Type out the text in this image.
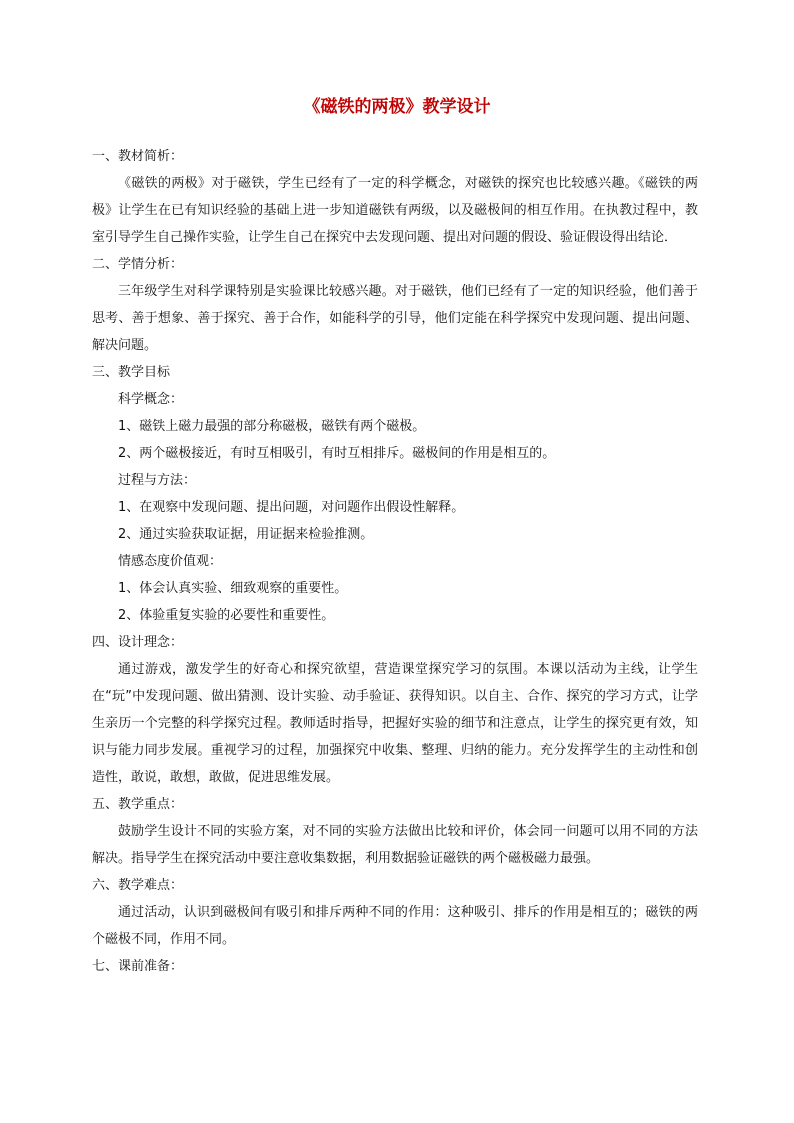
《磁铁的两极》教学设计
一、教材简析：
《磁铁的两极》对于磁铁，学生已经有了一定的科学概念，对磁铁的探究也比较感兴趣。《磁铁的两极》让学生在已有知识经验的基础上进一步知道磁铁有两级，以及磁极间的相互作用。在执教过程中，教室引导学生自己操作实验，让学生自己在探究中去发现问题、提出对问题的假设、验证假设得出结论．
二、学情分析：
三年级学生对科学课特别是实验课比较感兴趣。对于磁铁，他们已经有了一定的知识经验，他们善于思考、善于想象、善于探究、善于合作，如能科学的引导，他们定能在科学探究中发现问题、提出问题、解决问题。
三、教学目标
科学概念：
1、磁铁上磁力最强的部分称磁极，磁铁有两个磁极。
2、两个磁极接近，有时互相吸引，有时互相排斥。磁极间的作用是相互的。
过程与方法：
1、在观察中发现问题、提出问题，对问题作出假设性解释。
2、通过实验获取证据，用证据来检验推测。
情感态度价值观：
1、体会认真实验、细致观察的重要性。
2、体验重复实验的必要性和重要性。
四、设计理念：
通过游戏，激发学生的好奇心和探究欲望，营造课堂探究学习的氛围。本课以活动为主线，让学生在“玩”中发现问题、做出猜测、设计实验、动手验证、获得知识。以自主、合作、探究的学习方式，让学生亲历一个完整的科学探究过程。教师适时指导，把握好实验的细节和注意点，让学生的探究更有效，知识与能力同步发展。重视学习的过程，加强探究中收集、整理、归纳的能力。充分发挥学生的主动性和创造性，敢说，敢想，敢做，促进思维发展。
五、教学重点：
鼓励学生设计不同的实验方案，对不同的实验方法做出比较和评价，体会同一问题可以用不同的方法解决。指导学生在探究活动中要注意收集数据，利用数据验证磁铁的两个磁极磁力最强。
六、教学难点：
通过活动，认识到磁极间有吸引和排斥两种不同的作用：这种吸引、排斥的作用是相互的；磁铁的两个磁极不同，作用不同。
七、课前准备：
